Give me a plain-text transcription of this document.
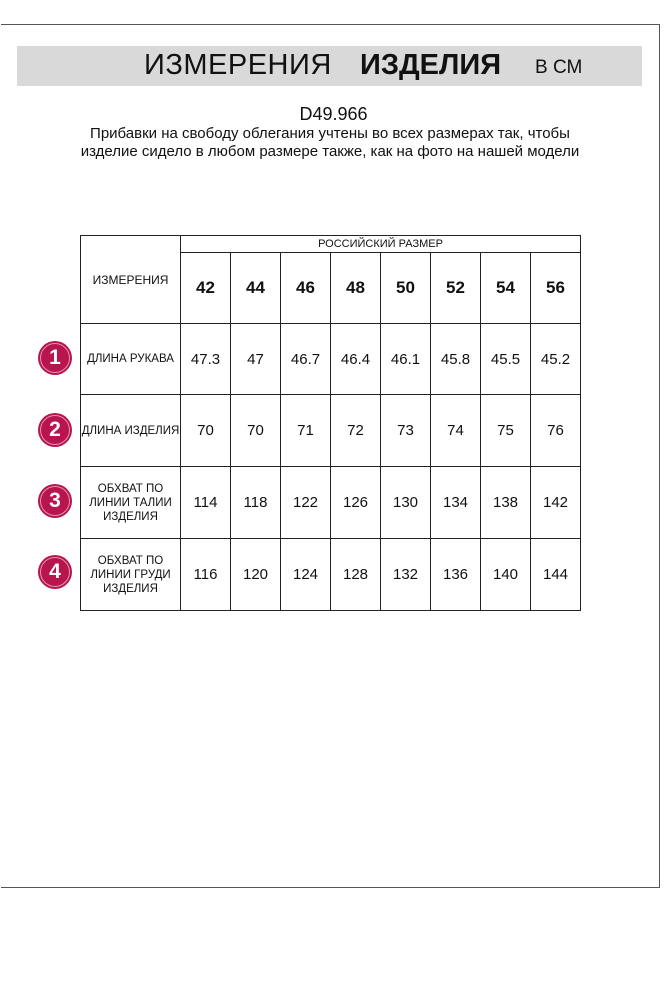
ИЗМЕРЕНИЯ ИЗДЕЛИЯ В СМ
D49.966
Прибавки на свободу облегания учтены во всех размерах так, чтобы изделие сидело в любом размере также, как на фото на нашей модели
ИЗМЕРЕНИЯ	РОССИЙСКИЙ РАЗМЕР							
	42	44	46	48	50	52	54	56
ДЛИНА РУКАВА	47.3	47	46.7	46.4	46.1	45.8	45.5	45.2
ДЛИНА ИЗДЕЛИЯ	70	70	71	72	73	74	75	76
ОБХВАТ ПО ЛИНИИ ТАЛИИ ИЗДЕЛИЯ	114	118	122	126	130	134	138	142
ОБХВАТ ПО ЛИНИИ ГРУДИ ИЗДЕЛИЯ	116	120	124	128	132	136	140	144
1
2
3
4
